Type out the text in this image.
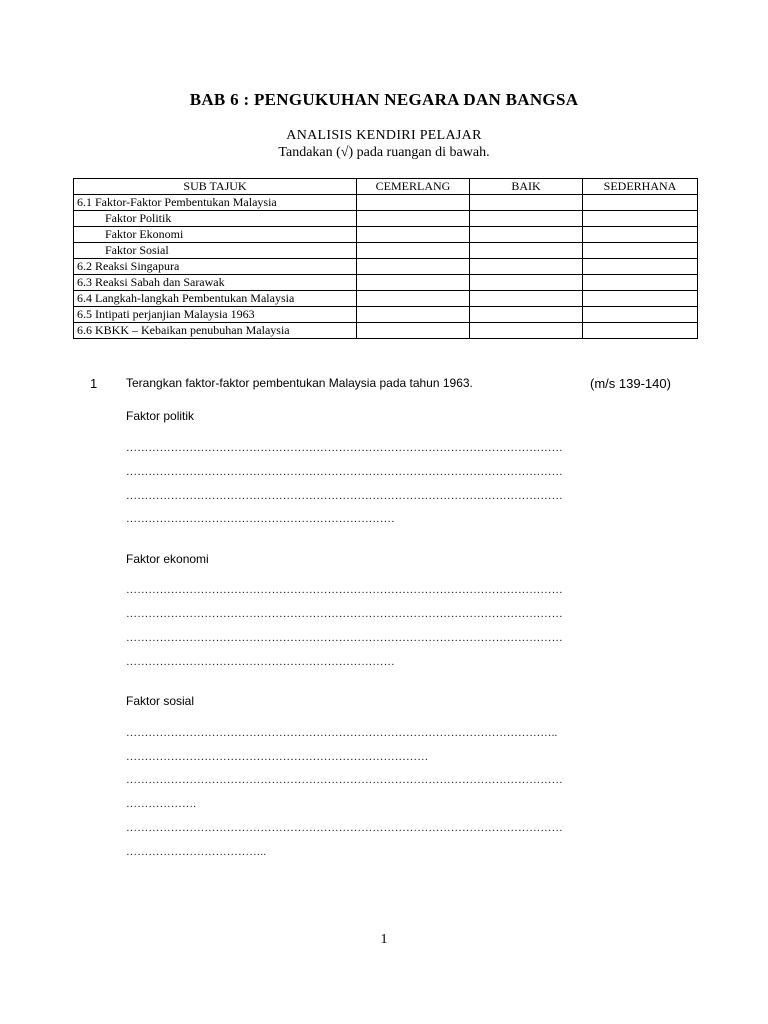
BAB 6 : PENGUKUHAN NEGARA DAN BANGSA
ANALISIS KENDIRI PELAJAR
Tandakan (√) pada ruangan di bawah.
SUB TAJUK	CEMERLANG	BAIK	SEDERHANA
6.1 Faktor-Faktor Pembentukan Malaysia			
Faktor Politik			
Faktor Ekonomi			
Faktor Sosial			
6.2 Reaksi Singapura			
6.3 Reaksi Sabah dan Sarawak			
6.4 Langkah-langkah Pembentukan Malaysia			
6.5 Intipati perjanjian Malaysia 1963			
6.6 KBKK – Kebaikan penubuhan Malaysia			
1 Terangkan faktor-faktor pembentukan Malaysia pada tahun 1963.	(m/s 139-140)
Faktor politik
………………………………………………………………………………………………………
………………………………………………………………………………………………………
………………………………………………………………………………………………………
………………………………………………………………
Faktor ekonomi
………………………………………………………………………………………………………
………………………………………………………………………………………………………
………………………………………………………………………………………………………
………………………………………………………………
Faktor sosial
……………………………………………………………………………………………………..
………………………………………………………………………
………………………………………………………………………………………………………
……………….
………………………………………………………………………………………………………
………………………………..
1
